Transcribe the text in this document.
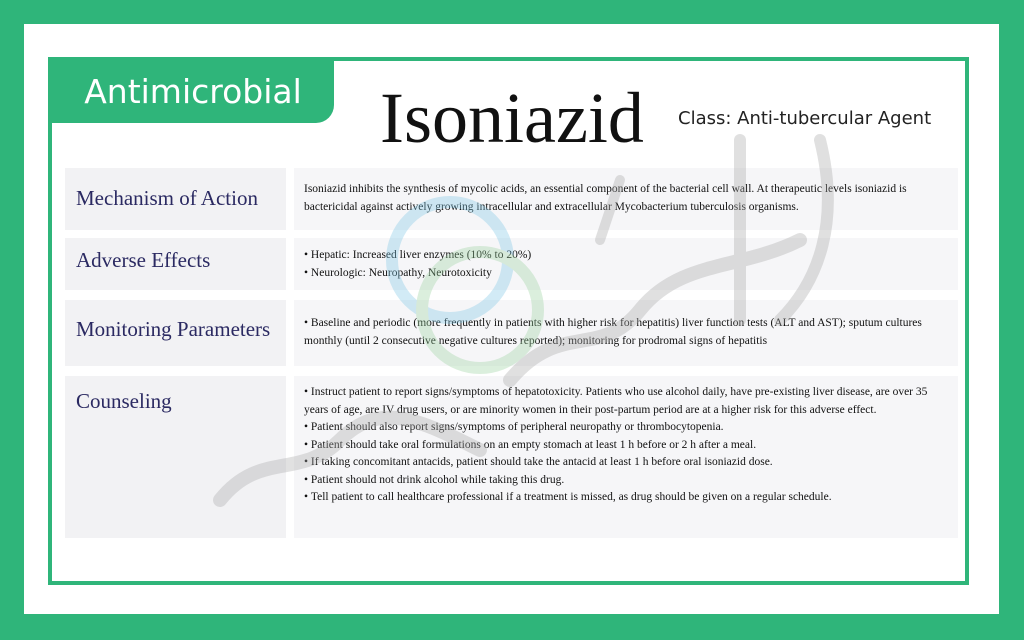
Antimicrobial	Isoniazid	Class: Anti-tubercular Agent
Mechanism of Action	Isoniazid inhibits the synthesis of mycolic acids, an essential component of the bacterial cell wall. At therapeutic levels isoniazid is bactericidal against actively growing intracellular and extracellular Mycobacterium tuberculosis organisms.
Adverse Effects	• Hepatic: Increased liver enzymes (10% to 20%)
• Neurologic: Neuropathy, Neurotoxicity
Monitoring Parameters	• Baseline and periodic (more frequently in patients with higher risk for hepatitis) liver function tests (ALT and AST); sputum cultures monthly (until 2 consecutive negative cultures reported); monitoring for prodromal signs of hepatitis
Counseling	• Instruct patient to report signs/symptoms of hepatotoxicity. Patients who use alcohol daily, have pre-existing liver disease, are over 35 years of age, are IV drug users, or are minority women in their post-partum period are at a higher risk for this adverse effect.
• Patient should also report signs/symptoms of peripheral neuropathy or thrombocytopenia.
• Patient should take oral formulations on an empty stomach at least 1 h before or 2 h after a meal.
• If taking concomitant antacids, patient should take the antacid at least 1 h before oral isoniazid dose.
• Patient should not drink alcohol while taking this drug.
• Tell patient to call healthcare professional if a treatment is missed, as drug should be given on a regular schedule.
